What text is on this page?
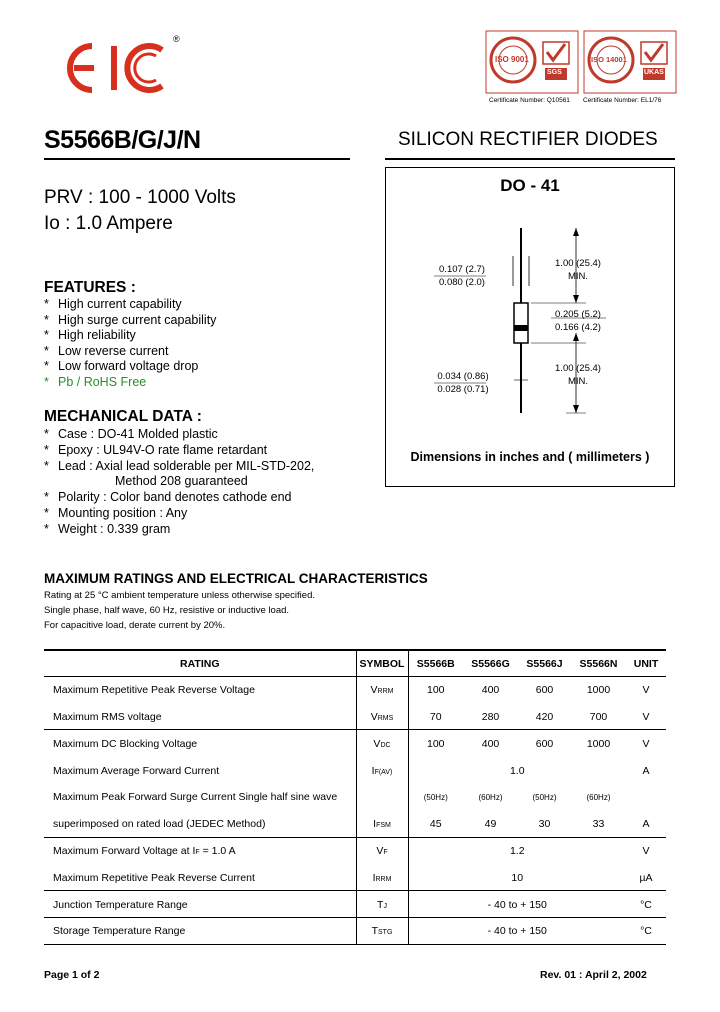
®
ISO 9001
SGS
ISO 14001
UKAS
Certificate Number: Q10561 Certificate Number: EL1/76
S5566B/G/J/N	SILICON RECTIFIER DIODES
PRV : 100 - 1000 Volts
Io : 1.0 Ampere
FEATURES :
* High current capability
* High surge current capability
* High reliability
* Low reverse current
* Low forward voltage drop
* Pb / RoHS Free
MECHANICAL DATA :
* Case : DO-41 Molded plastic
* Epoxy : UL94V-O rate flame retardant
* Lead : Axial lead solderable per MIL-STD-202,
Method 208 guaranteed
* Polarity : Color band denotes cathode end
* Mounting position : Any
* Weight : 0.339 gram
DO - 41
0.107 (2.7)
0.080 (2.0)
1.00 (25.4)
MIN.
0.205 (5.2)
0.166 (4.2)
0.034 (0.86)
0.028 (0.71)
1.00 (25.4)
MIN.
Dimensions in inches and ( millimeters )
MAXIMUM RATINGS AND ELECTRICAL CHARACTERISTICS
Rating at 25 °C ambient temperature unless otherwise specified.
Single phase, half wave, 60 Hz, resistive or inductive load.
For capacitive load, derate current by 20%.
RATING	SYMBOL	S5566B	S5566G	S5566J	S5566N	UNIT
Maximum Repetitive Peak Reverse Voltage	VRRM	100	400	600	1000	V
Maximum RMS voltage	VRMS	70	280	420	700	V
Maximum DC Blocking Voltage	VDC	100	400	600	1000	V
Maximum Average Forward Current	IF(AV)	1.0				A
Maximum Peak Forward Surge Current Single half sine wave		(50Hz)	(60Hz)	(50Hz)	(60Hz)	
superimposed on rated load (JEDEC Method)	IFSM	45	49	30	33	A
Maximum Forward Voltage at IF = 1.0 A	VF	1.2				V
Maximum Repetitive Peak Reverse Current	IRRM	10				µA
Junction Temperature Range	TJ	- 40 to + 150				°C
Storage Temperature Range	TSTG	- 40 to + 150				°C
Page 1 of 2	Rev. 01 : April 2, 2002
